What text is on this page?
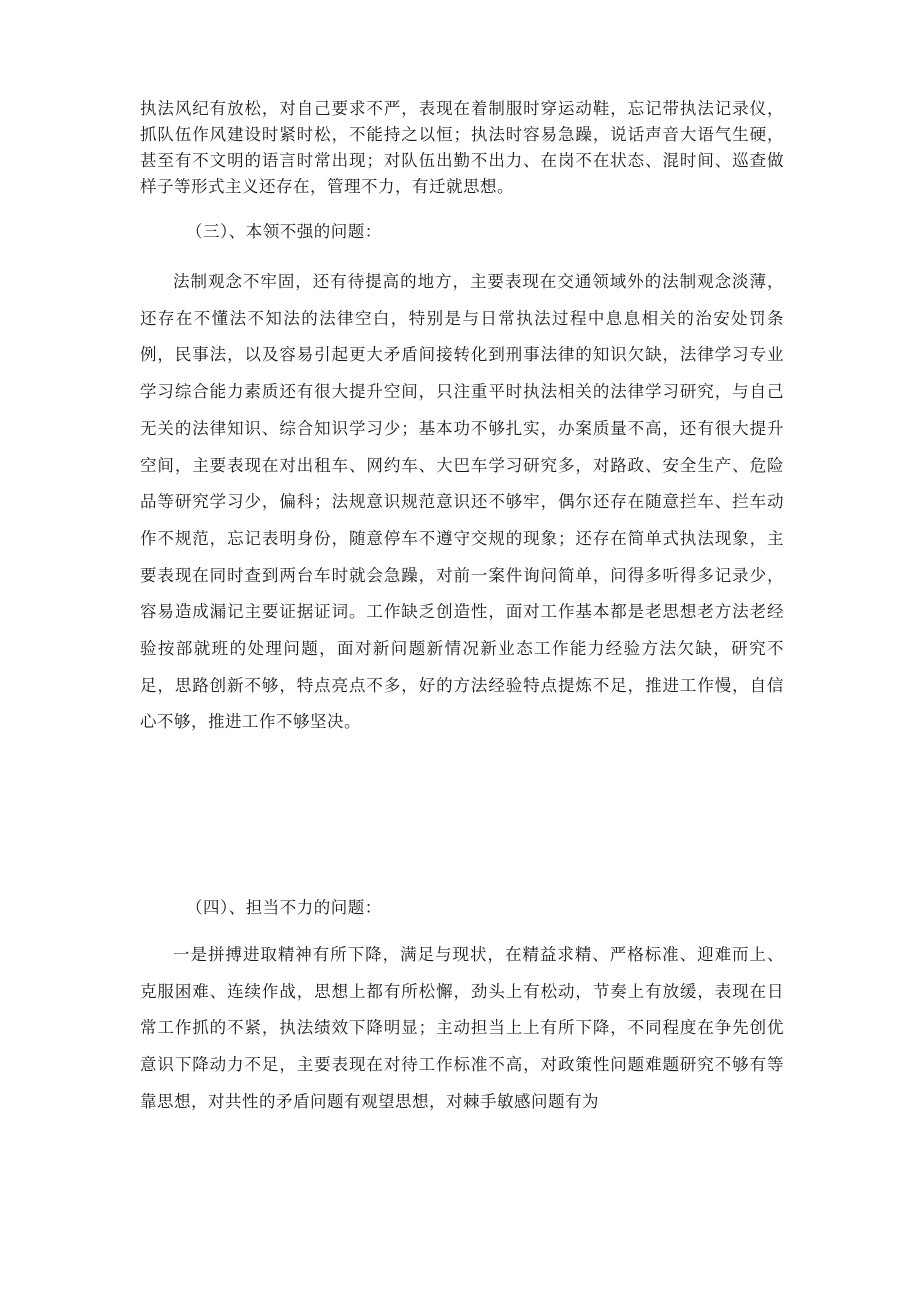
执法风纪有放松，对自己要求不严，表现在着制服时穿运动鞋，忘记带执法记录仪，抓队伍作风建设时紧时松，不能持之以恒；执法时容易急躁，说话声音大语气生硬，甚至有不文明的语言时常出现；对队伍出勤不出力、在岗不在状态、混时间、巡查做样子等形式主义还存在，管理不力，有迁就思想。

（三）、本领不强的问题：

法制观念不牢固，还有待提高的地方，主要表现在交通领域外的法制观念淡薄，还存在不懂法不知法的法律空白，特别是与日常执法过程中息息相关的治安处罚条例，民事法，以及容易引起更大矛盾间接转化到刑事法律的知识欠缺，法律学习专业学习综合能力素质还有很大提升空间，只注重平时执法相关的法律学习研究，与自己无关的法律知识、综合知识学习少；基本功不够扎实，办案质量不高，还有很大提升空间，主要表现在对出租车、网约车、大巴车学习研究多，对路政、安全生产、危险品等研究学习少，偏科；法规意识规范意识还不够牢，偶尔还存在随意拦车、拦车动作不规范，忘记表明身份，随意停车不遵守交规的现象；还存在简单式执法现象，主要表现在同时查到两台车时就会急躁，对前一案件询问简单，问得多听得多记录少，容易造成漏记主要证据证词。工作缺乏创造性，面对工作基本都是老思想老方法老经验按部就班的处理问题，面对新问题新情况新业态工作能力经验方法欠缺，研究不足，思路创新不够，特点亮点不多，好的方法经验特点提炼不足，推进工作慢，自信心不够，推进工作不够坚决。

（四）、担当不力的问题：

一是拼搏进取精神有所下降，满足与现状，在精益求精、严格标准、迎难而上、克服困难、连续作战，思想上都有所松懈，劲头上有松动，节奏上有放缓，表现在日常工作抓的不紧，执法绩效下降明显；主动担当上上有所下降，不同程度在争先创优意识下降动力不足，主要表现在对待工作标准不高，对政策性问题难题研究不够有等靠思想，对共性的矛盾问题有观望思想，对棘手敏感问题有为
